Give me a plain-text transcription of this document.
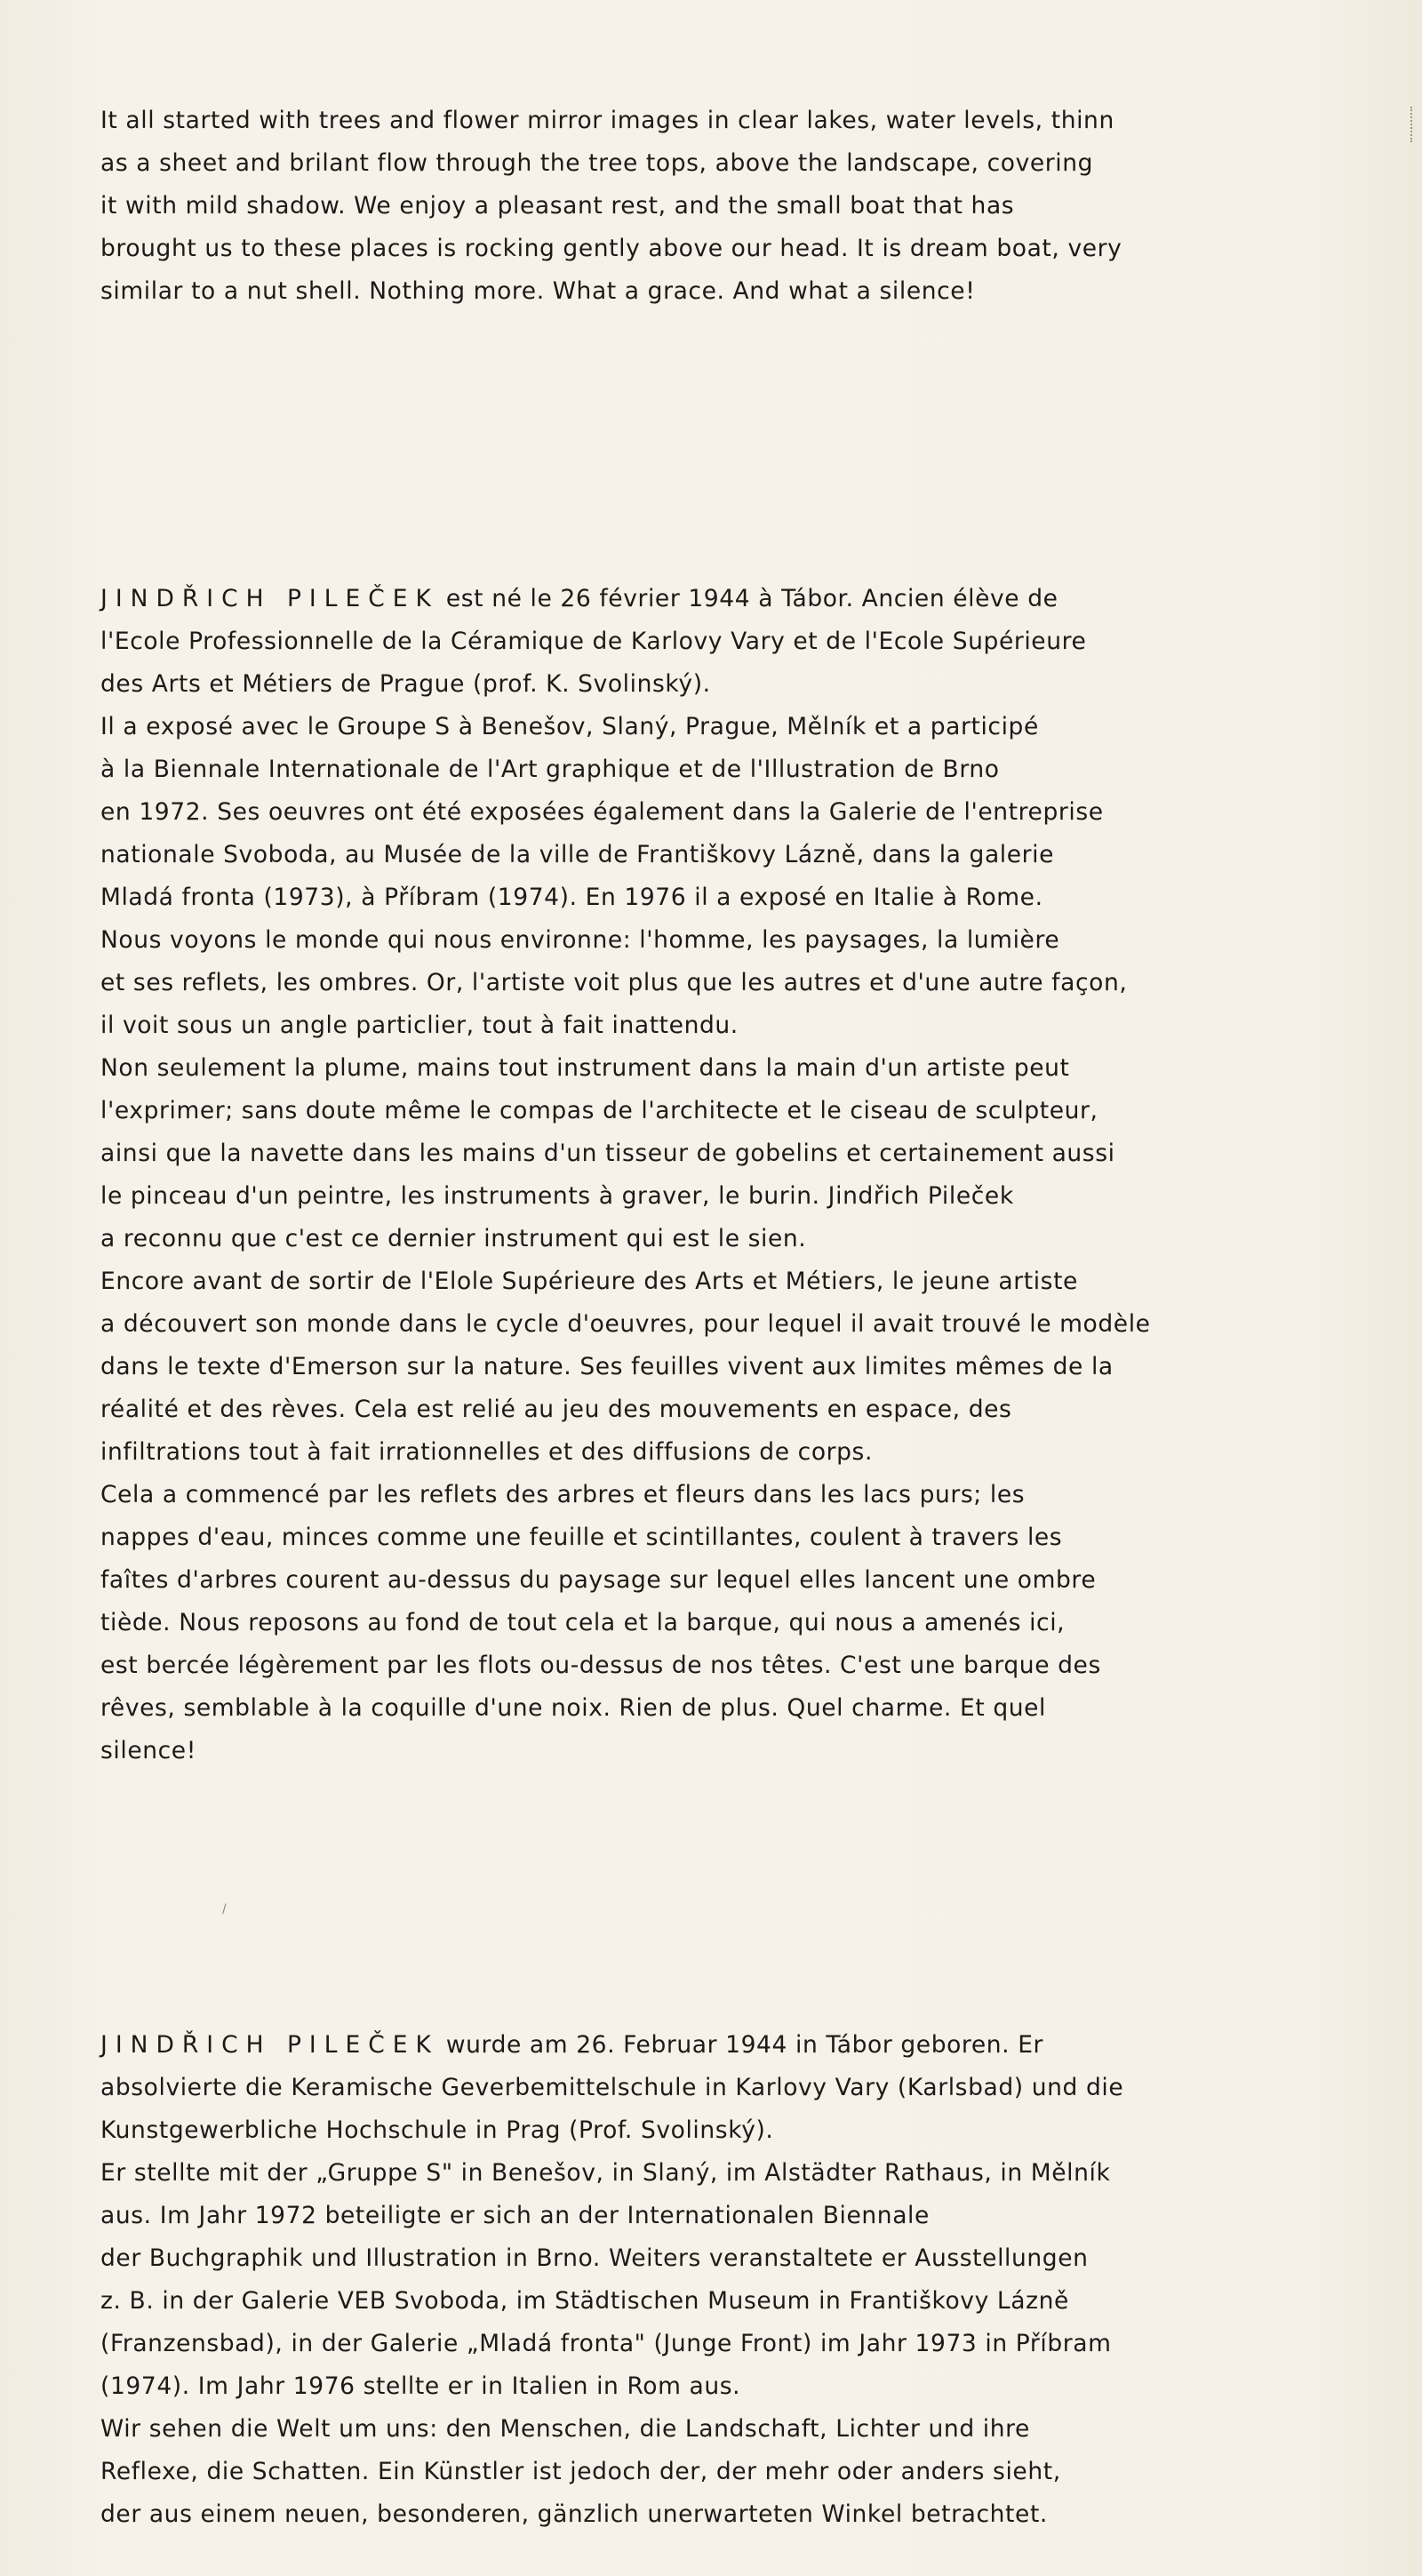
It all started with trees and flower mirror images in clear lakes, water levels, thinn
as a sheet and brilant flow through the tree tops, above the landscape, covering
it with mild shadow. We enjoy a pleasant rest, and the small boat that has
brought us to these places is rocking gently above our head. It is dream boat, very
similar to a nut shell. Nothing more. What a grace. And what a silence!
JINDŘICH PILEČEK est né le 26 février 1944 à Tábor. Ancien élève de
l'Ecole Professionnelle de la Céramique de Karlovy Vary et de l'Ecole Supérieure
des Arts et Métiers de Prague (prof. K. Svolinský).
Il a exposé avec le Groupe S à Benešov, Slaný, Prague, Mělník et a participé
à la Biennale Internationale de l'Art graphique et de l'Illustration de Brno
en 1972. Ses oeuvres ont été exposées également dans la Galerie de l'entreprise
nationale Svoboda, au Musée de la ville de Františkovy Lázně, dans la galerie
Mladá fronta (1973), à Příbram (1974). En 1976 il a exposé en Italie à Rome.
Nous voyons le monde qui nous environne: l'homme, les paysages, la lumière
et ses reflets, les ombres. Or, l'artiste voit plus que les autres et d'une autre façon,
il voit sous un angle particlier, tout à fait inattendu.
Non seulement la plume, mains tout instrument dans la main d'un artiste peut
l'exprimer; sans doute même le compas de l'architecte et le ciseau de sculpteur,
ainsi que la navette dans les mains d'un tisseur de gobelins et certainement aussi
le pinceau d'un peintre, les instruments à graver, le burin. Jindřich Pileček
a reconnu que c'est ce dernier instrument qui est le sien.
Encore avant de sortir de l'Elole Supérieure des Arts et Métiers, le jeune artiste
a découvert son monde dans le cycle d'oeuvres, pour lequel il avait trouvé le modèle
dans le texte d'Emerson sur la nature. Ses feuilles vivent aux limites mêmes de la
réalité et des rèves. Cela est relié au jeu des mouvements en espace, des
infiltrations tout à fait irrationnelles et des diffusions de corps.
Cela a commencé par les reflets des arbres et fleurs dans les lacs purs; les
nappes d'eau, minces comme une feuille et scintillantes, coulent à travers les
faîtes d'arbres courent au-dessus du paysage sur lequel elles lancent une ombre
tiède. Nous reposons au fond de tout cela et la barque, qui nous a amenés ici,
est bercée légèrement par les flots ou-dessus de nos têtes. C'est une barque des
rêves, semblable à la coquille d'une noix. Rien de plus. Quel charme. Et quel
silence!
/
JINDŘICH PILEČEK wurde am 26. Februar 1944 in Tábor geboren. Er
absolvierte die Keramische Geverbemittelschule in Karlovy Vary (Karlsbad) und die
Kunstgewerbliche Hochschule in Prag (Prof. Svolinský).
Er stellte mit der „Gruppe S" in Benešov, in Slaný, im Alstädter Rathaus, in Mělník
aus. Im Jahr 1972 beteiligte er sich an der Internationalen Biennale
der Buchgraphik und Illustration in Brno. Weiters veranstaltete er Ausstellungen
z. B. in der Galerie VEB Svoboda, im Städtischen Museum in Františkovy Lázně
(Franzensbad), in der Galerie „Mladá fronta" (Junge Front) im Jahr 1973 in Příbram
(1974). Im Jahr 1976 stellte er in Italien in Rom aus.
Wir sehen die Welt um uns: den Menschen, die Landschaft, Lichter und ihre
Reflexe, die Schatten. Ein Künstler ist jedoch der, der mehr oder anders sieht,
der aus einem neuen, besonderen, gänzlich unerwarteten Winkel betrachtet.
